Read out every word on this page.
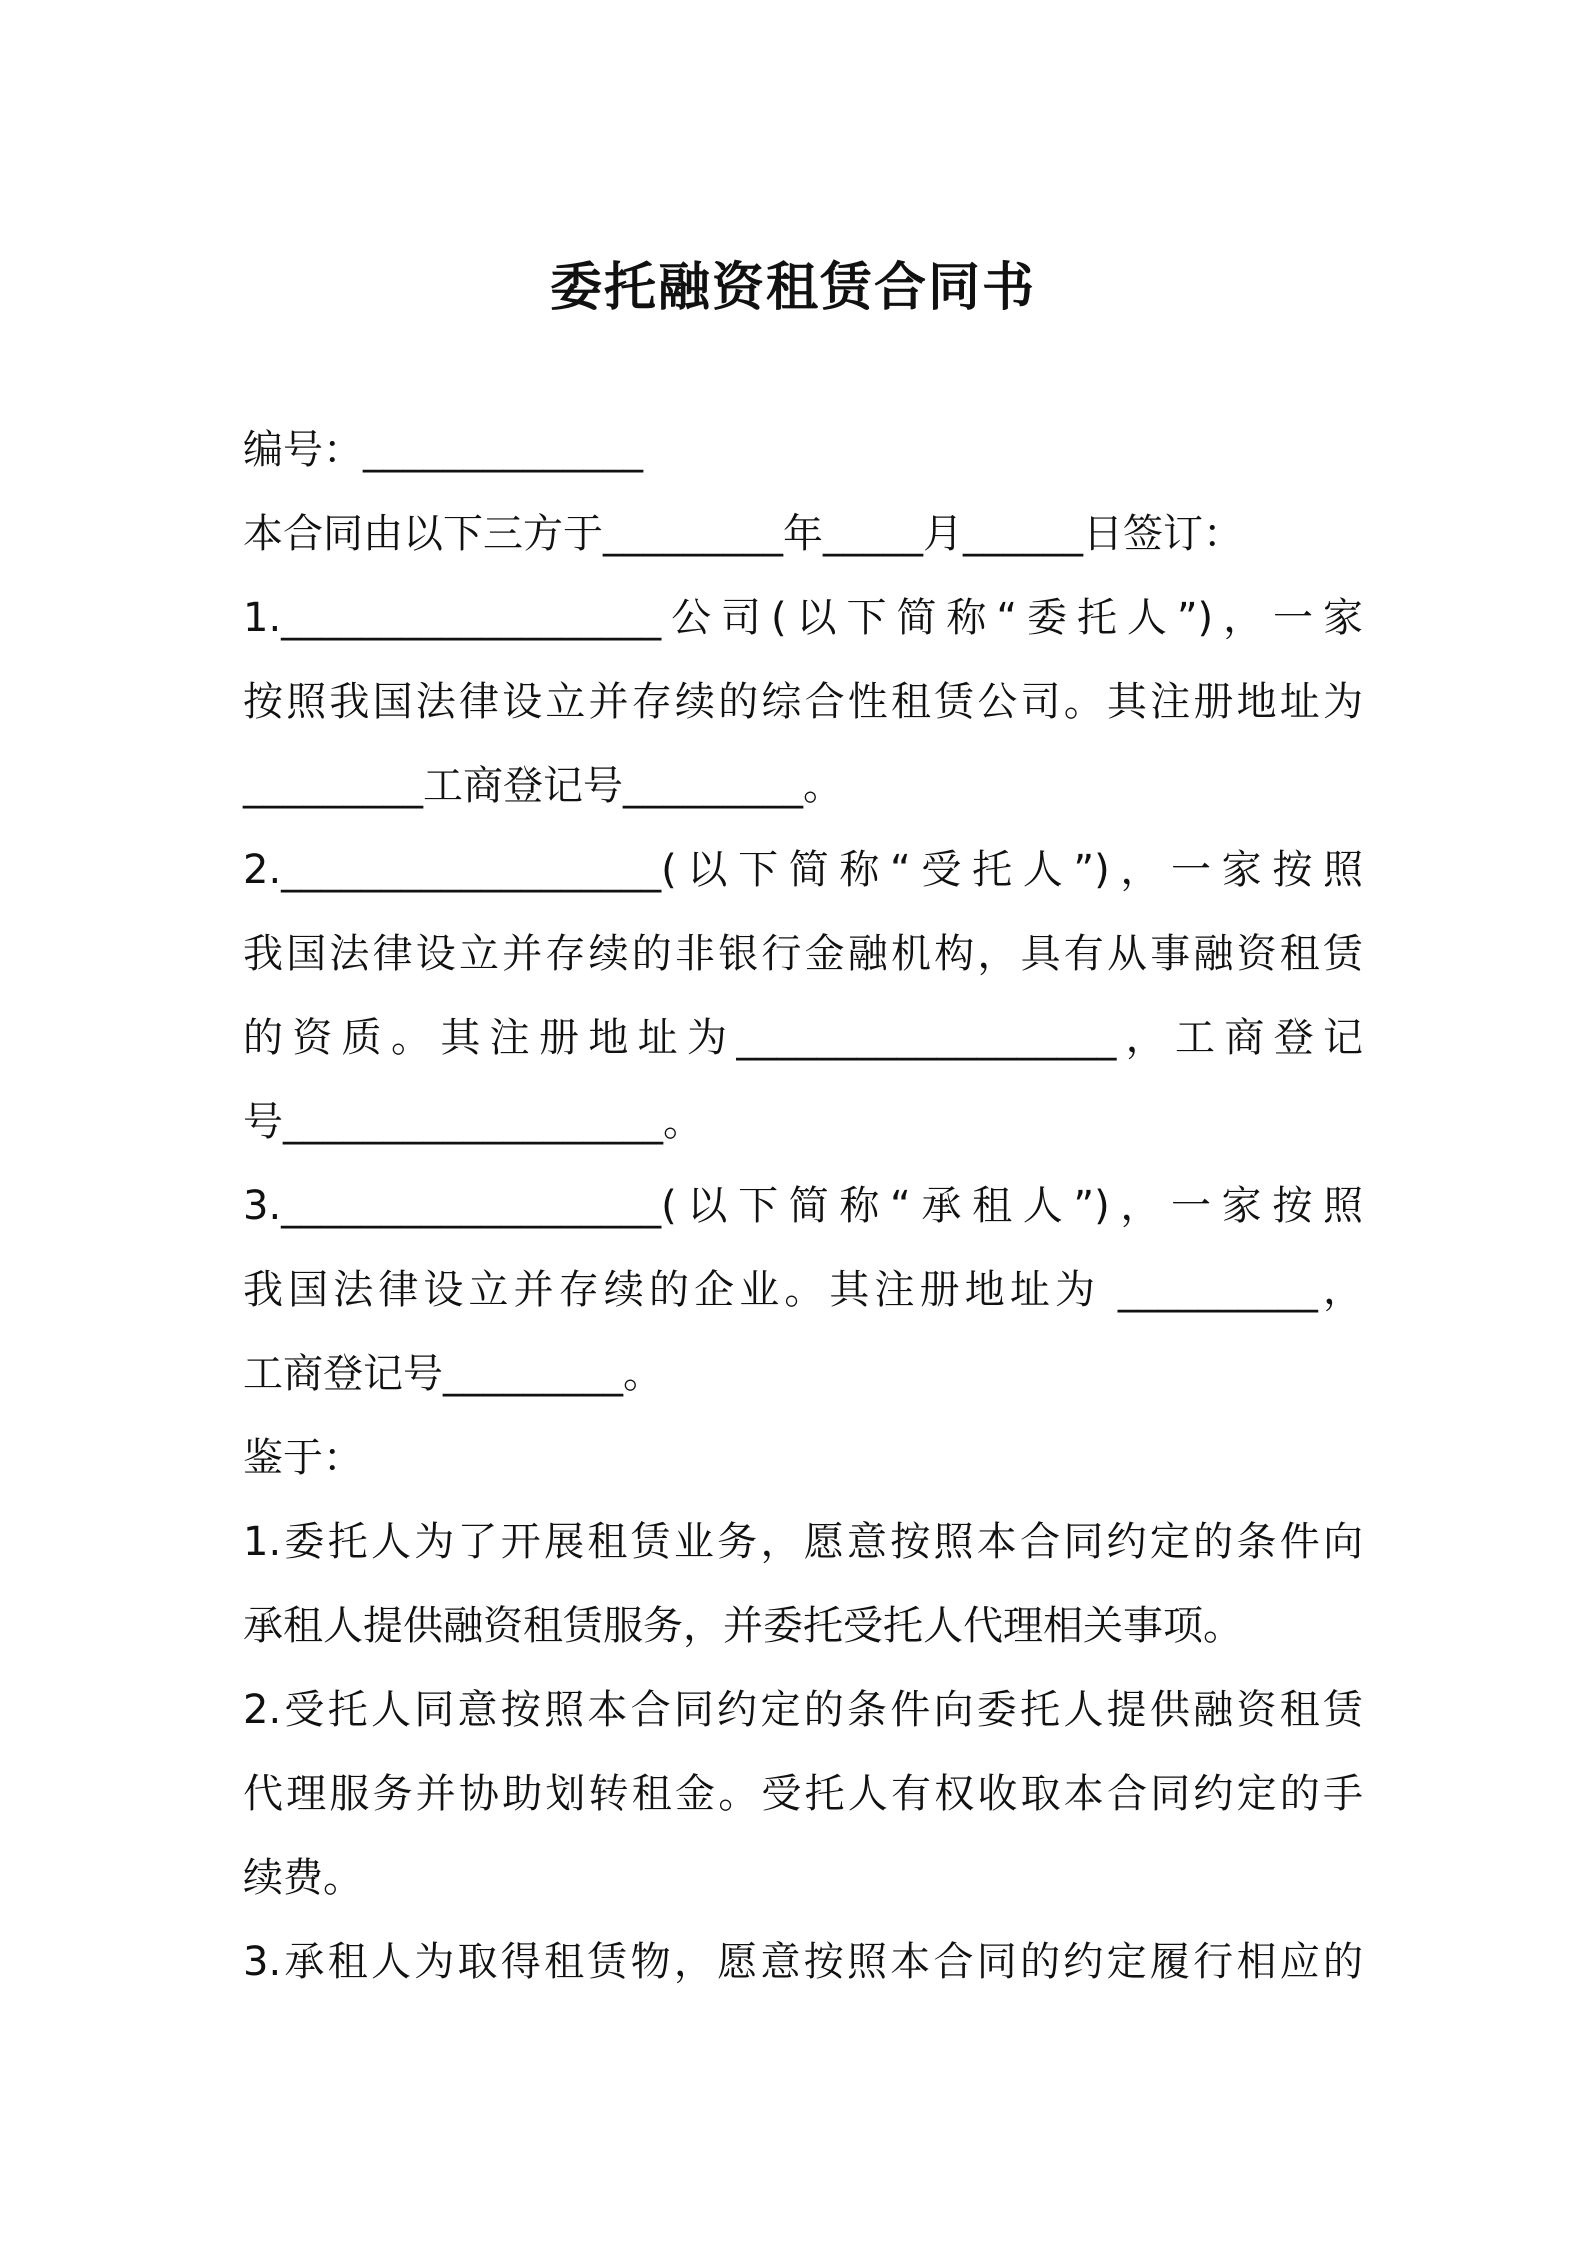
委托融资租赁合同书
编号：______________
本合同由以下三方于_________年_____月______日签订：
1.___________________公司(以下简称“委托人”)，一家
按照我国法律设立并存续的综合性租赁公司。其注册地址为
_________工商登记号_________。
2.___________________(以下简称“受托人”)，一家按照
我国法律设立并存续的非银行金融机构，具有从事融资租赁
的资质。其注册地址为___________________，工商登记
号___________________。
3.___________________(以下简称“承租人”)，一家按照
我国法律设立并存续的企业。其注册地址为 __________，
工商登记号_________。
鉴于：
1.委托人为了开展租赁业务，愿意按照本合同约定的条件向
承租人提供融资租赁服务，并委托受托人代理相关事项。
2.受托人同意按照本合同约定的条件向委托人提供融资租赁
代理服务并协助划转租金。受托人有权收取本合同约定的手
续费。
3.承租人为取得租赁物，愿意按照本合同的约定履行相应的
